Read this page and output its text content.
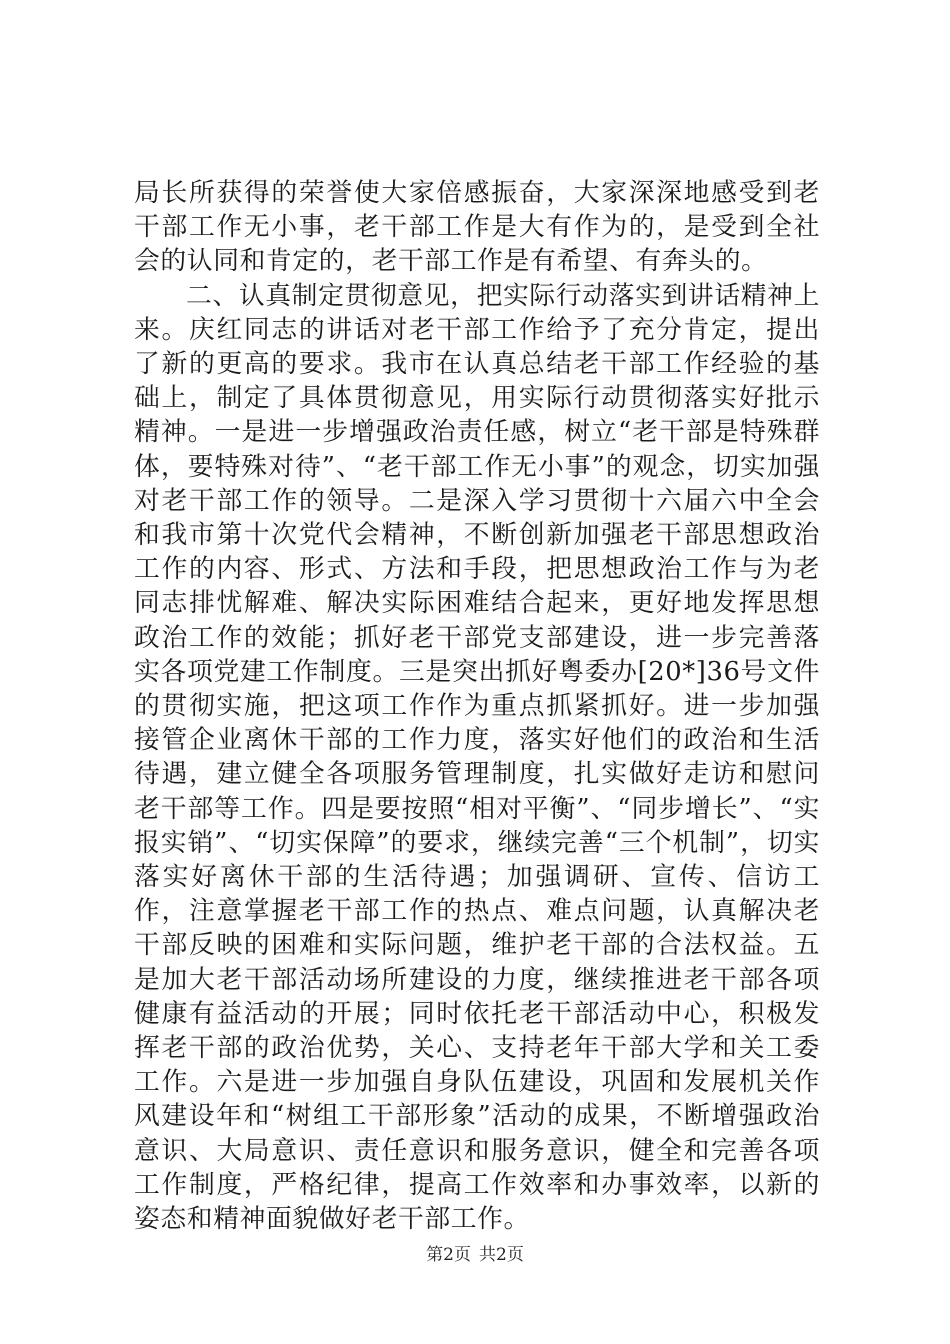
局长所获得的荣誉使大家倍感振奋，大家深深地感受到老干部工作无小事，老干部工作是大有作为的，是受到全社会的认同和肯定的，老干部工作是有希望、有奔头的。

二、认真制定贯彻意见，把实际行动落实到讲话精神上来。庆红同志的讲话对老干部工作给予了充分肯定，提出了新的更高的要求。我市在认真总结老干部工作经验的基础上，制定了具体贯彻意见，用实际行动贯彻落实好批示精神。一是进一步增强政治责任感，树立“老干部是特殊群体，要特殊对待”、“老干部工作无小事”的观念，切实加强对老干部工作的领导。二是深入学习贯彻十六届六中全会和我市第十次党代会精神，不断创新加强老干部思想政治工作的内容、形式、方法和手段，把思想政治工作与为老同志排忧解难、解决实际困难结合起来，更好地发挥思想政治工作的效能；抓好老干部党支部建设，进一步完善落实各项党建工作制度。三是突出抓好粤委办[20*]36号文件的贯彻实施，把这项工作作为重点抓紧抓好。进一步加强接管企业离休干部的工作力度，落实好他们的政治和生活待遇，建立健全各项服务管理制度，扎实做好走访和慰问老干部等工作。四是要按照“相对平衡”、“同步增长”、“实报实销”、“切实保障”的要求，继续完善“三个机制”，切实落实好离休干部的生活待遇；加强调研、宣传、信访工作，注意掌握老干部工作的热点、难点问题，认真解决老干部反映的困难和实际问题，维护老干部的合法权益。五是加大老干部活动场所建设的力度，继续推进老干部各项健康有益活动的开展；同时依托老干部活动中心，积极发挥老干部的政治优势，关心、支持老年干部大学和关工委工作。六是进一步加强自身队伍建设，巩固和发展机关作风建设年和“树组工干部形象”活动的成果，不断增强政治意识、大局意识、责任意识和服务意识，健全和完善各项工作制度，严格纪律，提高工作效率和办事效率，以新的姿态和精神面貌做好老干部工作。

第2页 共2页
